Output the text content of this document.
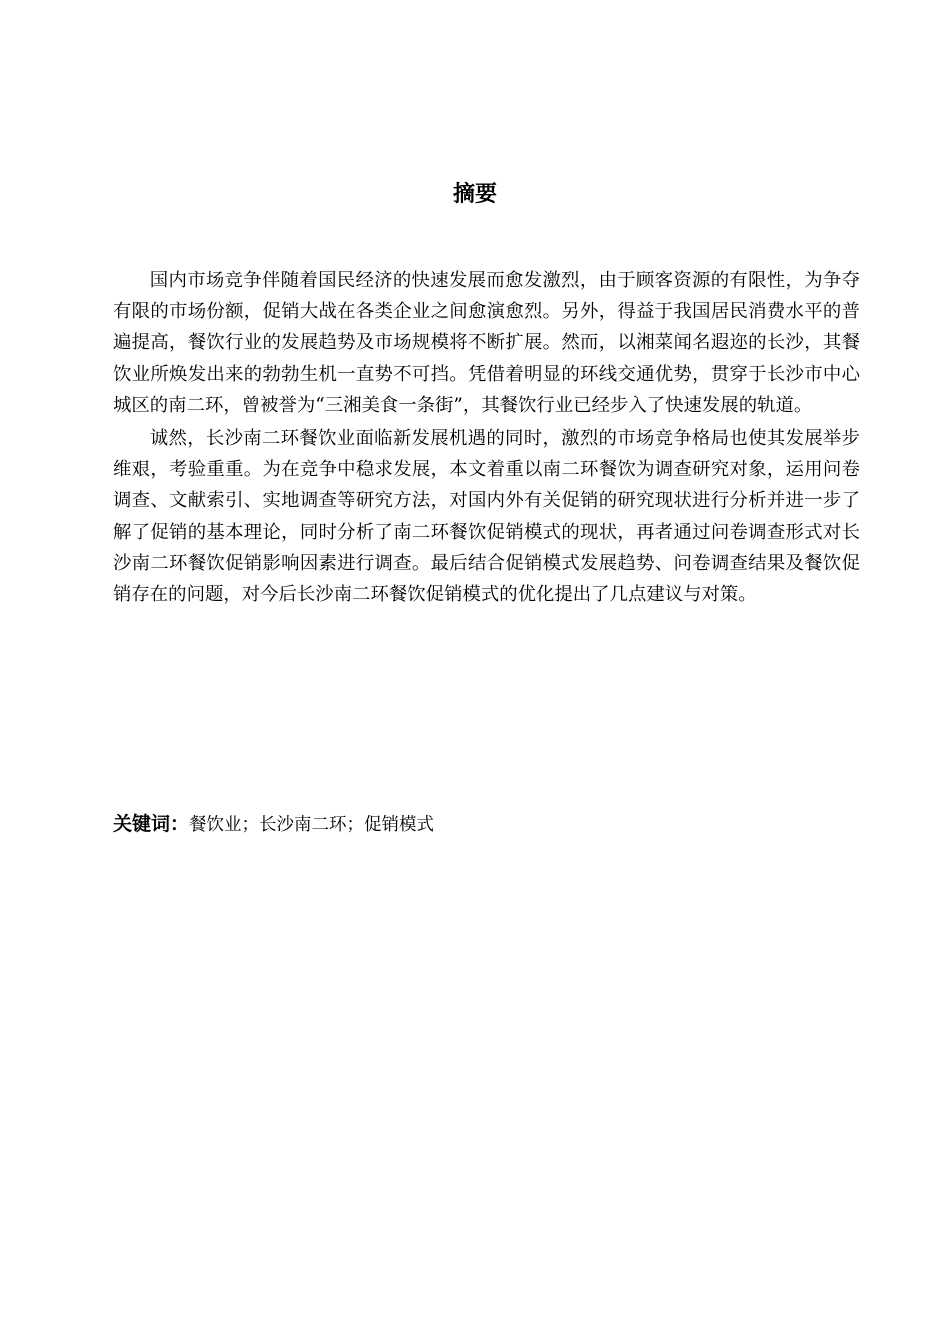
摘要

国内市场竞争伴随着国民经济的快速发展而愈发激烈，由于顾客资源的有限性，为争夺有限的市场份额，促销大战在各类企业之间愈演愈烈。另外，得益于我国居民消费水平的普遍提高，餐饮行业的发展趋势及市场规模将不断扩展。然而，以湘菜闻名遐迩的长沙，其餐饮业所焕发出来的勃勃生机一直势不可挡。凭借着明显的环线交通优势，贯穿于长沙市中心城区的南二环，曾被誉为“三湘美食一条街”，其餐饮行业已经步入了快速发展的轨道。

诚然，长沙南二环餐饮业面临新发展机遇的同时，激烈的市场竞争格局也使其发展举步维艰，考验重重。为在竞争中稳求发展，本文着重以南二环餐饮为调查研究对象，运用问卷调查、文献索引、实地调查等研究方法，对国内外有关促销的研究现状进行分析并进一步了解了促销的基本理论，同时分析了南二环餐饮促销模式的现状，再者通过问卷调查形式对长沙南二环餐饮促销影响因素进行调查。最后结合促销模式发展趋势、问卷调查结果及餐饮促销存在的问题，对今后长沙南二环餐饮促销模式的优化提出了几点建议与对策。

关键词：餐饮业；长沙南二环；促销模式
